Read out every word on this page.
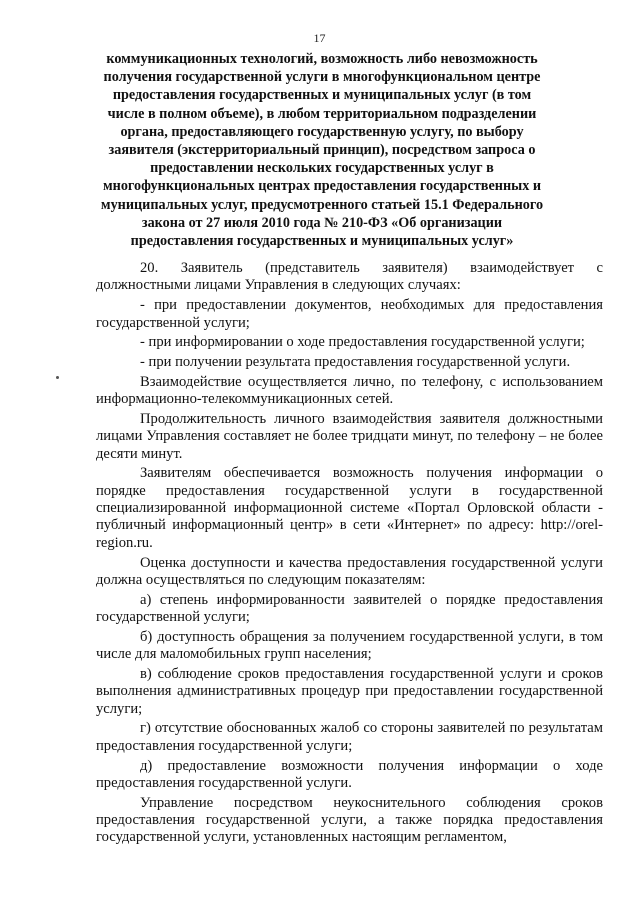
17

коммуникационных технологий, возможность либо невозможность получения государственной услуги в многофункциональном центре предоставления государственных и муниципальных услуг (в том числе в полном объеме), в любом территориальном подразделении органа, предоставляющего государственную услугу, по выбору заявителя (экстерриториальный принцип), посредством запроса о предоставлении нескольких государственных услуг в многофункциональных центрах предоставления государственных и муниципальных услуг, предусмотренного статьей 15.1 Федерального закона от 27 июля 2010 года № 210-ФЗ «Об организации предоставления государственных и муниципальных услуг»

20. Заявитель (представитель заявителя) взаимодействует с должностными лицами Управления в следующих случаях:

- при предоставлении документов, необходимых для предоставления государственной услуги;

- при информировании о ходе предоставления государственной услуги;

- при получении результата предоставления государственной услуги.

Взаимодействие осуществляется лично, по телефону, с использованием информационно-телекоммуникационных сетей.

Продолжительность личного взаимодействия заявителя должностными лицами Управления составляет не более тридцати минут, по телефону – не более десяти минут.

Заявителям обеспечивается возможность получения информации о порядке предоставления государственной услуги в государственной специализированной информационной системе «Портал Орловской области - публичный информационный центр» в сети «Интернет» по адресу: http://orel-region.ru.

Оценка доступности и качества предоставления государственной услуги должна осуществляться по следующим показателям:

а) степень информированности заявителей о порядке предоставления государственной услуги;

б) доступность обращения за получением государственной услуги, в том числе для маломобильных групп населения;

в) соблюдение сроков предоставления государственной услуги и сроков выполнения административных процедур при предоставлении государственной услуги;

г) отсутствие обоснованных жалоб со стороны заявителей по результатам предоставления государственной услуги;

д) предоставление возможности получения информации о ходе предоставления государственной услуги.

Управление посредством неукоснительного соблюдения сроков предоставления государственной услуги, а также порядка предоставления государственной услуги, установленных настоящим регламентом,
